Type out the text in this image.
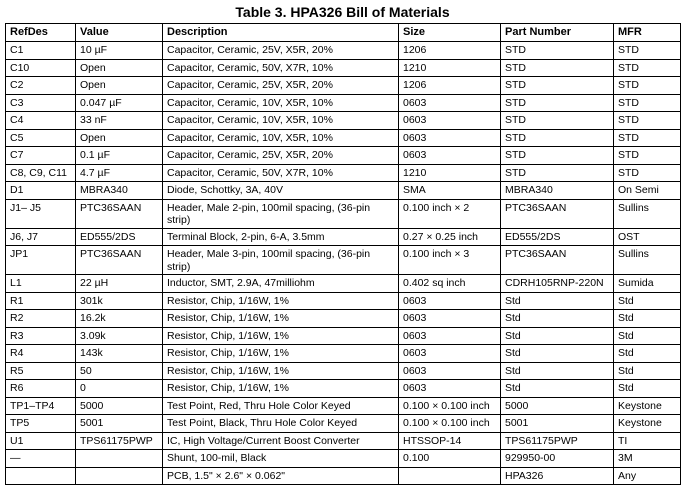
Table 3. HPA326 Bill of Materials
RefDes	Value	Description	Size	Part Number	MFR
C1	10 µF	Capacitor, Ceramic, 25V, X5R, 20%	1206	STD	STD
C10	Open	Capacitor, Ceramic, 50V, X7R, 10%	1210	STD	STD
C2	Open	Capacitor, Ceramic, 25V, X5R, 20%	1206	STD	STD
C3	0.047 µF	Capacitor, Ceramic, 10V, X5R, 10%	0603	STD	STD
C4	33 nF	Capacitor, Ceramic, 10V, X5R, 10%	0603	STD	STD
C5	Open	Capacitor, Ceramic, 10V, X5R, 10%	0603	STD	STD
C7	0.1 µF	Capacitor, Ceramic, 25V, X5R, 20%	0603	STD	STD
C8, C9, C11	4.7 µF	Capacitor, Ceramic, 50V, X7R, 10%	1210	STD	STD
D1	MBRA340	Diode, Schottky, 3A, 40V	SMA	MBRA340	On Semi
J1– J5	PTC36SAAN	Header, Male 2-pin, 100mil spacing, (36-pin strip)	0.100 inch × 2	PTC36SAAN	Sullins
J6, J7	ED555/2DS	Terminal Block, 2-pin, 6-A, 3.5mm	0.27 × 0.25 inch	ED555/2DS	OST
JP1	PTC36SAAN	Header, Male 3-pin, 100mil spacing, (36-pin strip)	0.100 inch × 3	PTC36SAAN	Sullins
L1	22 µH	Inductor, SMT, 2.9A, 47milliohm	0.402 sq inch	CDRH105RNP-220N	Sumida
R1	301k	Resistor, Chip, 1/16W, 1%	0603	Std	Std
R2	16.2k	Resistor, Chip, 1/16W, 1%	0603	Std	Std
R3	3.09k	Resistor, Chip, 1/16W, 1%	0603	Std	Std
R4	143k	Resistor, Chip, 1/16W, 1%	0603	Std	Std
R5	50	Resistor, Chip, 1/16W, 1%	0603	Std	Std
R6	0	Resistor, Chip, 1/16W, 1%	0603	Std	Std
TP1–TP4	5000	Test Point, Red, Thru Hole Color Keyed	0.100 × 0.100 inch	5000	Keystone
TP5	5001	Test Point, Black, Thru Hole Color Keyed	0.100 × 0.100 inch	5001	Keystone
U1	TPS61175PWP	IC, High Voltage/Current Boost Converter	HTSSOP-14	TPS61175PWP	TI
—		Shunt, 100-mil, Black	0.100	929950-00	3M
		PCB, 1.5" × 2.6" × 0.062"		HPA326	Any
